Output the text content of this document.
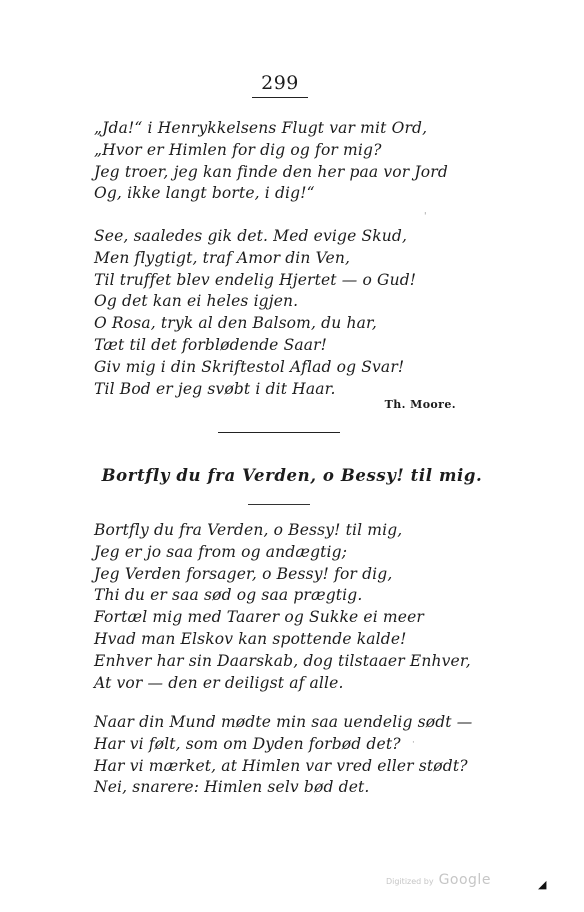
299
„Jda!“ i Henrykkelsens Flugt var mit Ord,
„Hvor er Himlen for dig og for mig?
Jeg troer, jeg kan finde den her paa vor Jord
Og, ikke langt borte, i dig!“
See, saaledes gik det. Med evige Skud,
Men flygtigt, traf Amor din Ven,
Til truffet blev endelig Hjertet — o Gud!
Og det kan ei heles igjen.
O Rosa, tryk al den Balsom, du har,
Tæt til det forblødende Saar!
Giv mig i din Skriftestol Aflad og Svar!
Til Bod er jeg svøbt i dit Haar.
Th. Moore.
Bortfly du fra Verden, o Bessy! til mig.
Bortfly du fra Verden, o Bessy! til mig,
Jeg er jo saa from og andægtig;
Jeg Verden forsager, o Bessy! for dig,
Thi du er saa sød og saa prægtig.
Fortæl mig med Taarer og Sukke ei meer
Hvad man Elskov kan spottende kalde!
Enhver har sin Daarskab, dog tilstaaer Enhver,
At vor — den er deiligst af alle.
Naar din Mund mødte min saa uendelig sødt —
Har vi følt, som om Dyden forbød det?
Har vi mærket, at Himlen var vred eller stødt?
Nei, snarere: Himlen selv bød det.
'
·
Digitized by Google	◢
